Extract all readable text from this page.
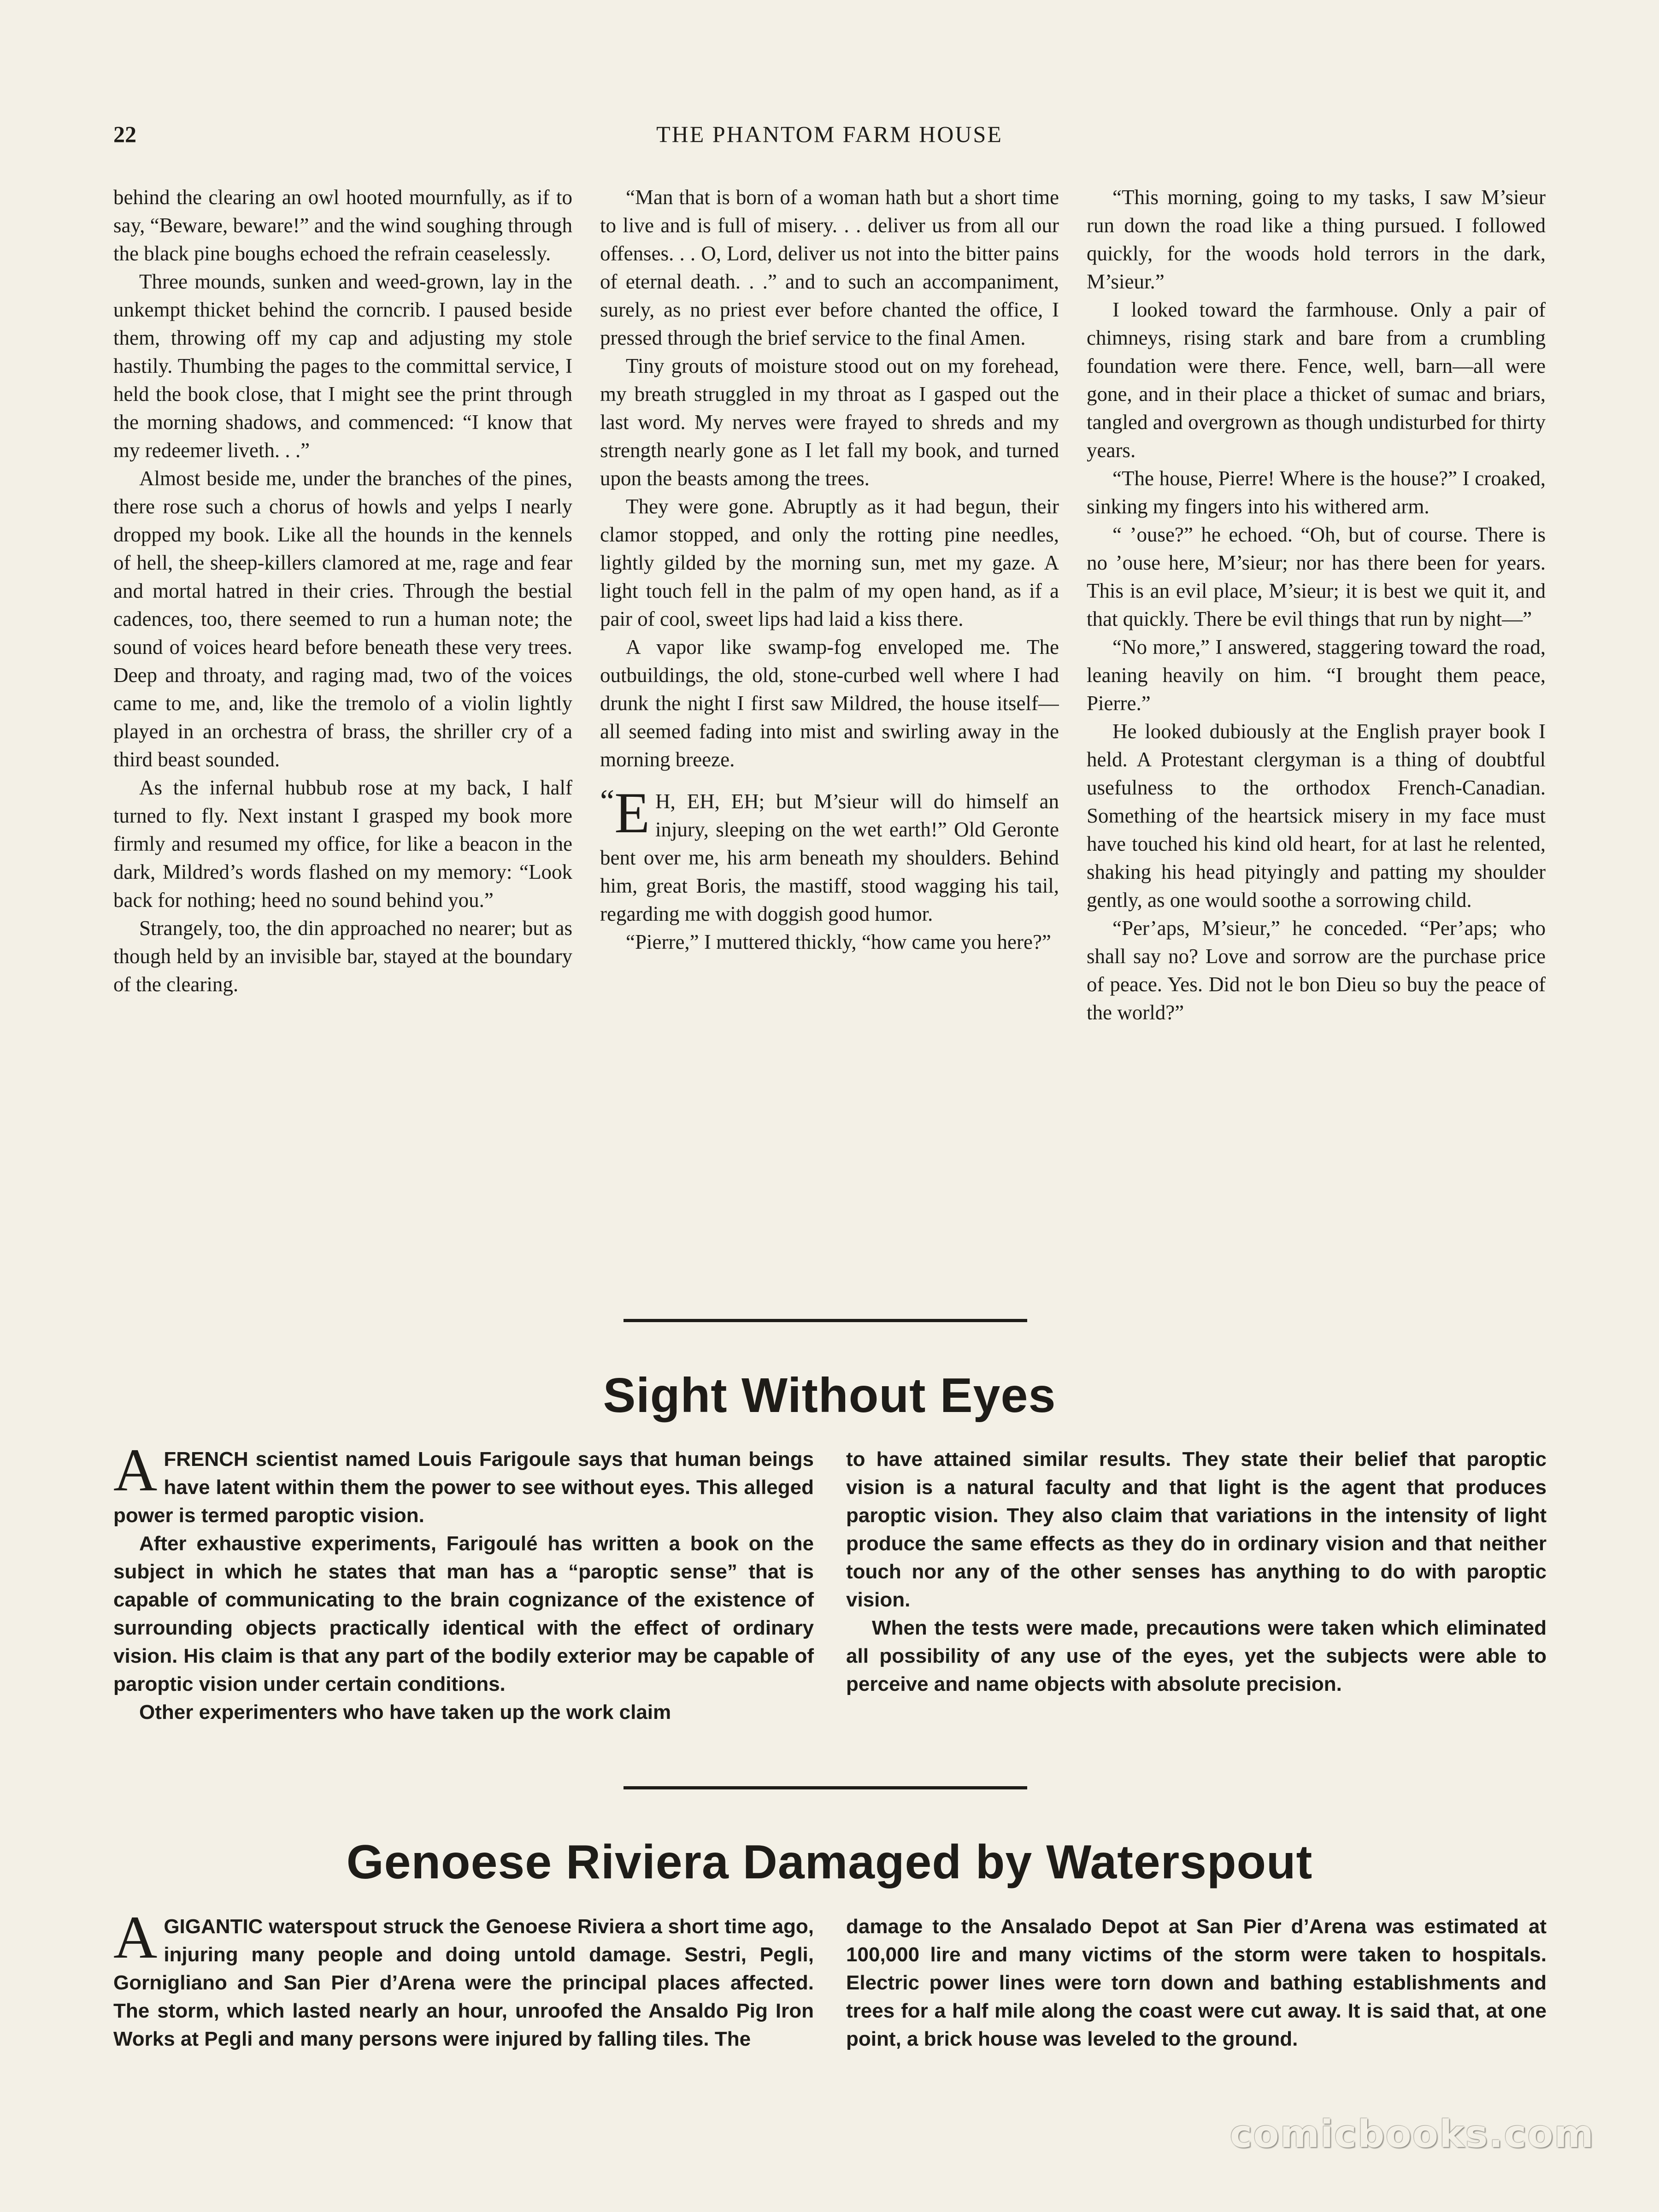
22	THE PHANTOM FARM HOUSE

behind the clearing an owl hooted mournfully, as if to say, “Beware, beware!” and the wind soughing through the black pine boughs echoed the refrain ceaselessly.

Three mounds, sunken and weed-grown, lay in the unkempt thicket behind the corncrib. I paused beside them, throwing off my cap and adjusting my stole hastily. Thumbing the pages to the committal service, I held the book close, that I might see the print through the morning shadows, and commenced: “I know that my redeemer liveth. . .”

Almost beside me, under the branches of the pines, there rose such a chorus of howls and yelps I nearly dropped my book. Like all the hounds in the kennels of hell, the sheep-killers clamored at me, rage and fear and mortal hatred in their cries. Through the bestial cadences, too, there seemed to run a human note; the sound of voices heard before beneath these very trees. Deep and throaty, and raging mad, two of the voices came to me, and, like the tremolo of a violin lightly played in an orchestra of brass, the shriller cry of a third beast sounded.

As the infernal hubbub rose at my back, I half turned to fly. Next instant I grasped my book more firmly and resumed my office, for like a beacon in the dark, Mildred’s words flashed on my memory: “Look back for nothing; heed no sound behind you.”

Strangely, too, the din approached no nearer; but as though held by an invisible bar, stayed at the boundary of the clearing.

“Man that is born of a woman hath but a short time to live and is full of misery. . . deliver us from all our offenses. . . O, Lord, deliver us not into the bitter pains of eternal death. . .” and to such an accompaniment, surely, as no priest ever before chanted the office, I pressed through the brief service to the final Amen.

Tiny grouts of moisture stood out on my forehead, my breath struggled in my throat as I gasped out the last word. My nerves were frayed to shreds and my strength nearly gone as I let fall my book, and turned upon the beasts among the trees.

They were gone. Abruptly as it had begun, their clamor stopped, and only the rotting pine needles, lightly gilded by the morning sun, met my gaze. A light touch fell in the palm of my open hand, as if a pair of cool, sweet lips had laid a kiss there.

A vapor like swamp-fog enveloped me. The outbuildings, the old, stone-curbed well where I had drunk the night I first saw Mildred, the house itself—all seemed fading into mist and swirling away in the morning breeze.

“ E H, EH, EH; but M’sieur will do himself an injury, sleeping on the wet earth!” Old Geronte bent over me, his arm beneath my shoulders. Behind him, great Boris, the mastiff, stood wagging his tail, regarding me with doggish good humor.

“Pierre,” I muttered thickly, “how came you here?”

“This morning, going to my tasks, I saw M’sieur run down the road like a thing pursued. I followed quickly, for the woods hold terrors in the dark, M’sieur.”

I looked toward the farmhouse. Only a pair of chimneys, rising stark and bare from a crumbling foundation were there. Fence, well, barn—all were gone, and in their place a thicket of sumac and briars, tangled and overgrown as though undisturbed for thirty years.

“The house, Pierre! Where is the house?” I croaked, sinking my fingers into his withered arm.

“ ’ouse?” he echoed. “Oh, but of course. There is no ’ouse here, M’sieur; nor has there been for years. This is an evil place, M’sieur; it is best we quit it, and that quickly. There be evil things that run by night—”

“No more,” I answered, staggering toward the road, leaning heavily on him. “I brought them peace, Pierre.”

He looked dubiously at the English prayer book I held. A Protestant clergyman is a thing of doubtful usefulness to the orthodox French-Canadian. Something of the heartsick misery in my face must have touched his kind old heart, for at last he relented, shaking his head pityingly and patting my shoulder gently, as one would soothe a sorrowing child.

“Per’aps, M’sieur,” he conceded. “Per’aps; who shall say no? Love and sorrow are the purchase price of peace. Yes. Did not le bon Dieu so buy the peace of the world?”

Sight Without Eyes

AFRENCH scientist named Louis Farigoule says that human beings have latent within them the power to see without eyes. This alleged power is termed paroptic vision.

After exhaustive experiments, Farigoulé has written a book on the subject in which he states that man has a “paroptic sense” that is capable of communicating to the brain cognizance of the existence of surrounding objects practically identical with the effect of ordinary vision. His claim is that any part of the bodily exterior may be capable of paroptic vision under certain conditions.

Other experimenters who have taken up the work claim

to have attained similar results. They state their belief that paroptic vision is a natural faculty and that light is the agent that produces paroptic vision. They also claim that variations in the intensity of light produce the same effects as they do in ordinary vision and that neither touch nor any of the other senses has anything to do with paroptic vision.

When the tests were made, precautions were taken which eliminated all possibility of any use of the eyes, yet the subjects were able to perceive and name objects with absolute precision.

Genoese Riviera Damaged by Waterspout

AGIGANTIC waterspout struck the Genoese Riviera a short time ago, injuring many people and doing untold damage. Sestri, Pegli, Gornigliano and San Pier d’Arena were the principal places affected. The storm, which lasted nearly an hour, unroofed the Ansaldo Pig Iron Works at Pegli and many persons were injured by falling tiles. The

damage to the Ansalado Depot at San Pier d’Arena was estimated at 100,000 lire and many victims of the storm were taken to hospitals. Electric power lines were torn down and bathing establishments and trees for a half mile along the coast were cut away. It is said that, at one point, a brick house was leveled to the ground.

comicbooks.com
